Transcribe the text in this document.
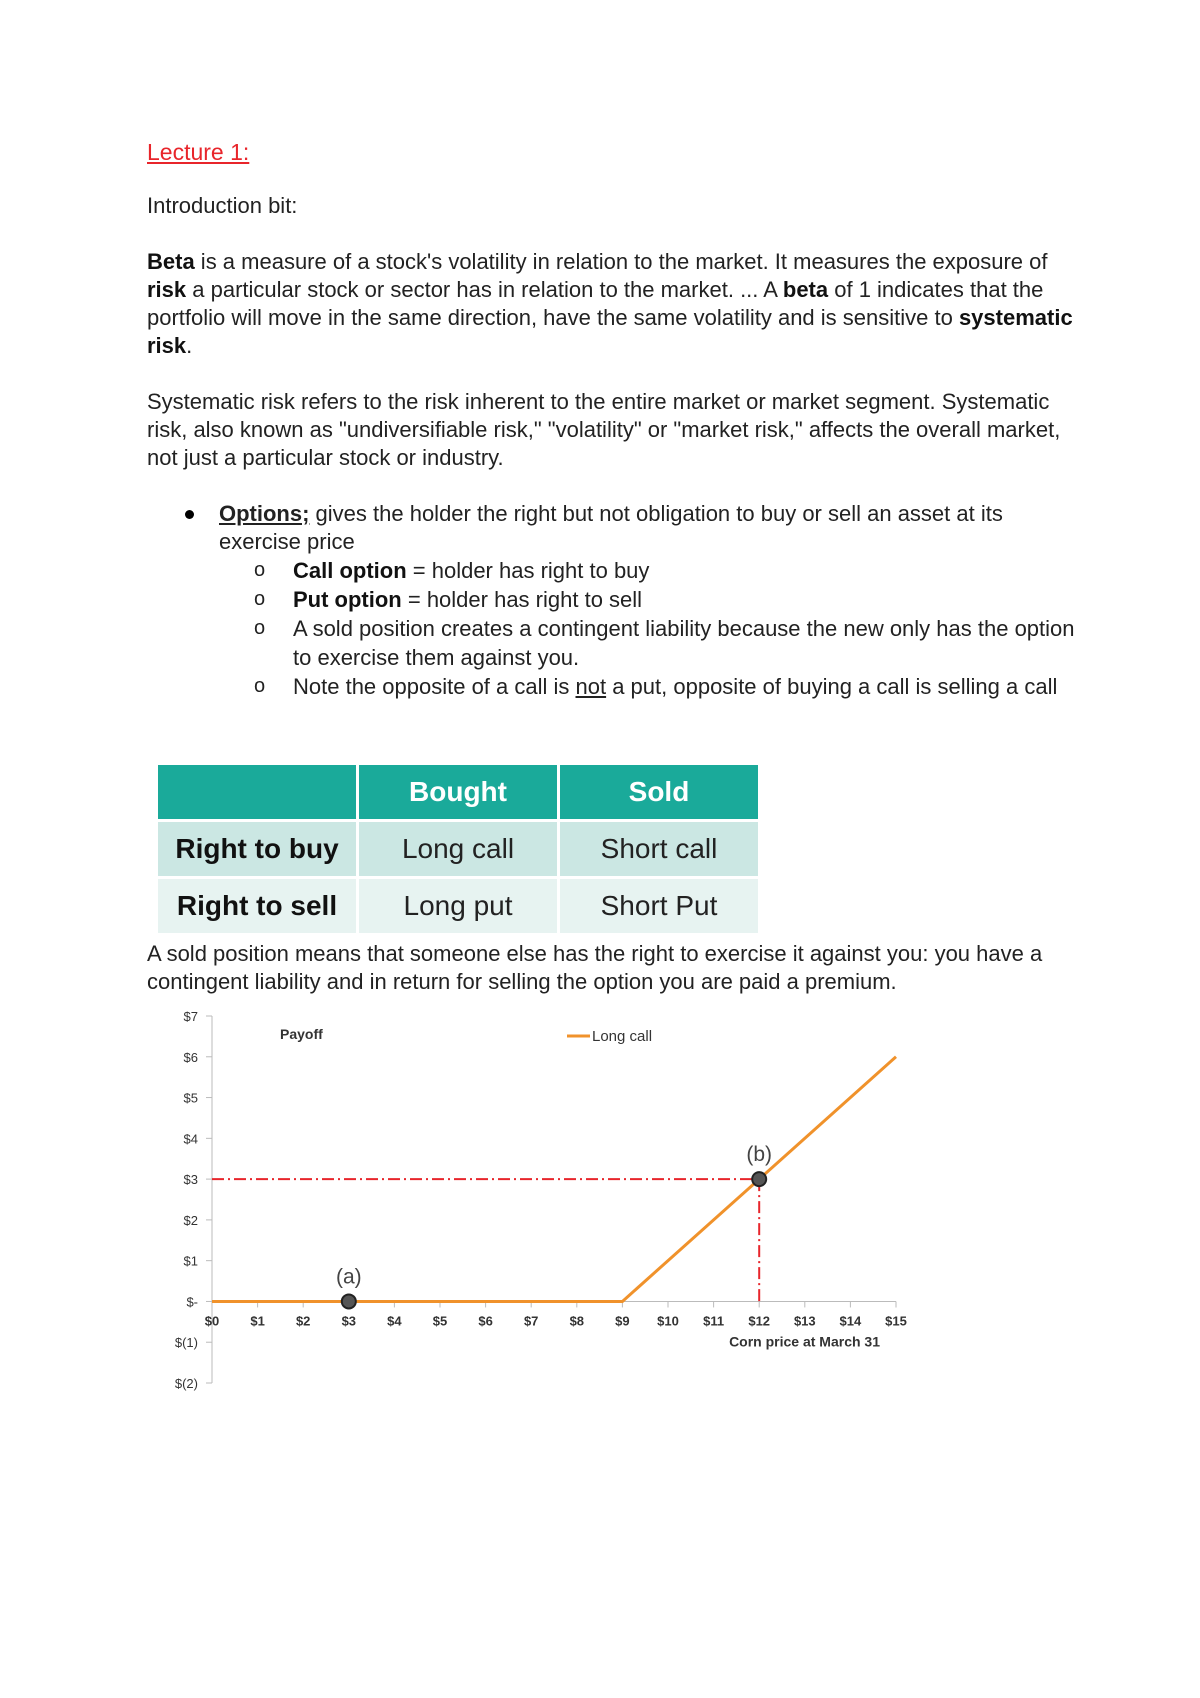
Lecture 1:

Introduction bit:

Beta is a measure of a stock's volatility in relation to the market. It measures the exposure of risk a particular stock or sector has in relation to the market. ... A beta of 1 indicates that the portfolio will move in the same direction, have the same volatility and is sensitive to systematic risk.

Systematic risk refers to the risk inherent to the entire market or market segment. Systematic risk, also known as "undiversifiable risk," "volatility" or "market risk," affects the overall market, not just a particular stock or industry.

Options; gives the holder the right but not obligation to buy or sell an asset at its exercise price
o Call option = holder has right to buy
o Put option = holder has right to sell
o A sold position creates a contingent liability because the new only has the option to exercise them against you.
o Note the opposite of a call is not a put, opposite of buying a call is selling a call
	Bought	Sold
Right to buy	Long call	Short call
Right to sell	Long put	Short Put

A sold position means that someone else has the right to exercise it against you: you have a contingent liability and in return for selling the option you are paid a premium.

$7
$6
$5
$4
$3
$2
$1
$-
$(1)
$(2)
$0 $1 $2 $3 $4 $5 $6 $7 $8 $9 $10 $11 $12 $13 $14 $15
Payoff
Corn price at March 31
Long call
(a)
(b)
